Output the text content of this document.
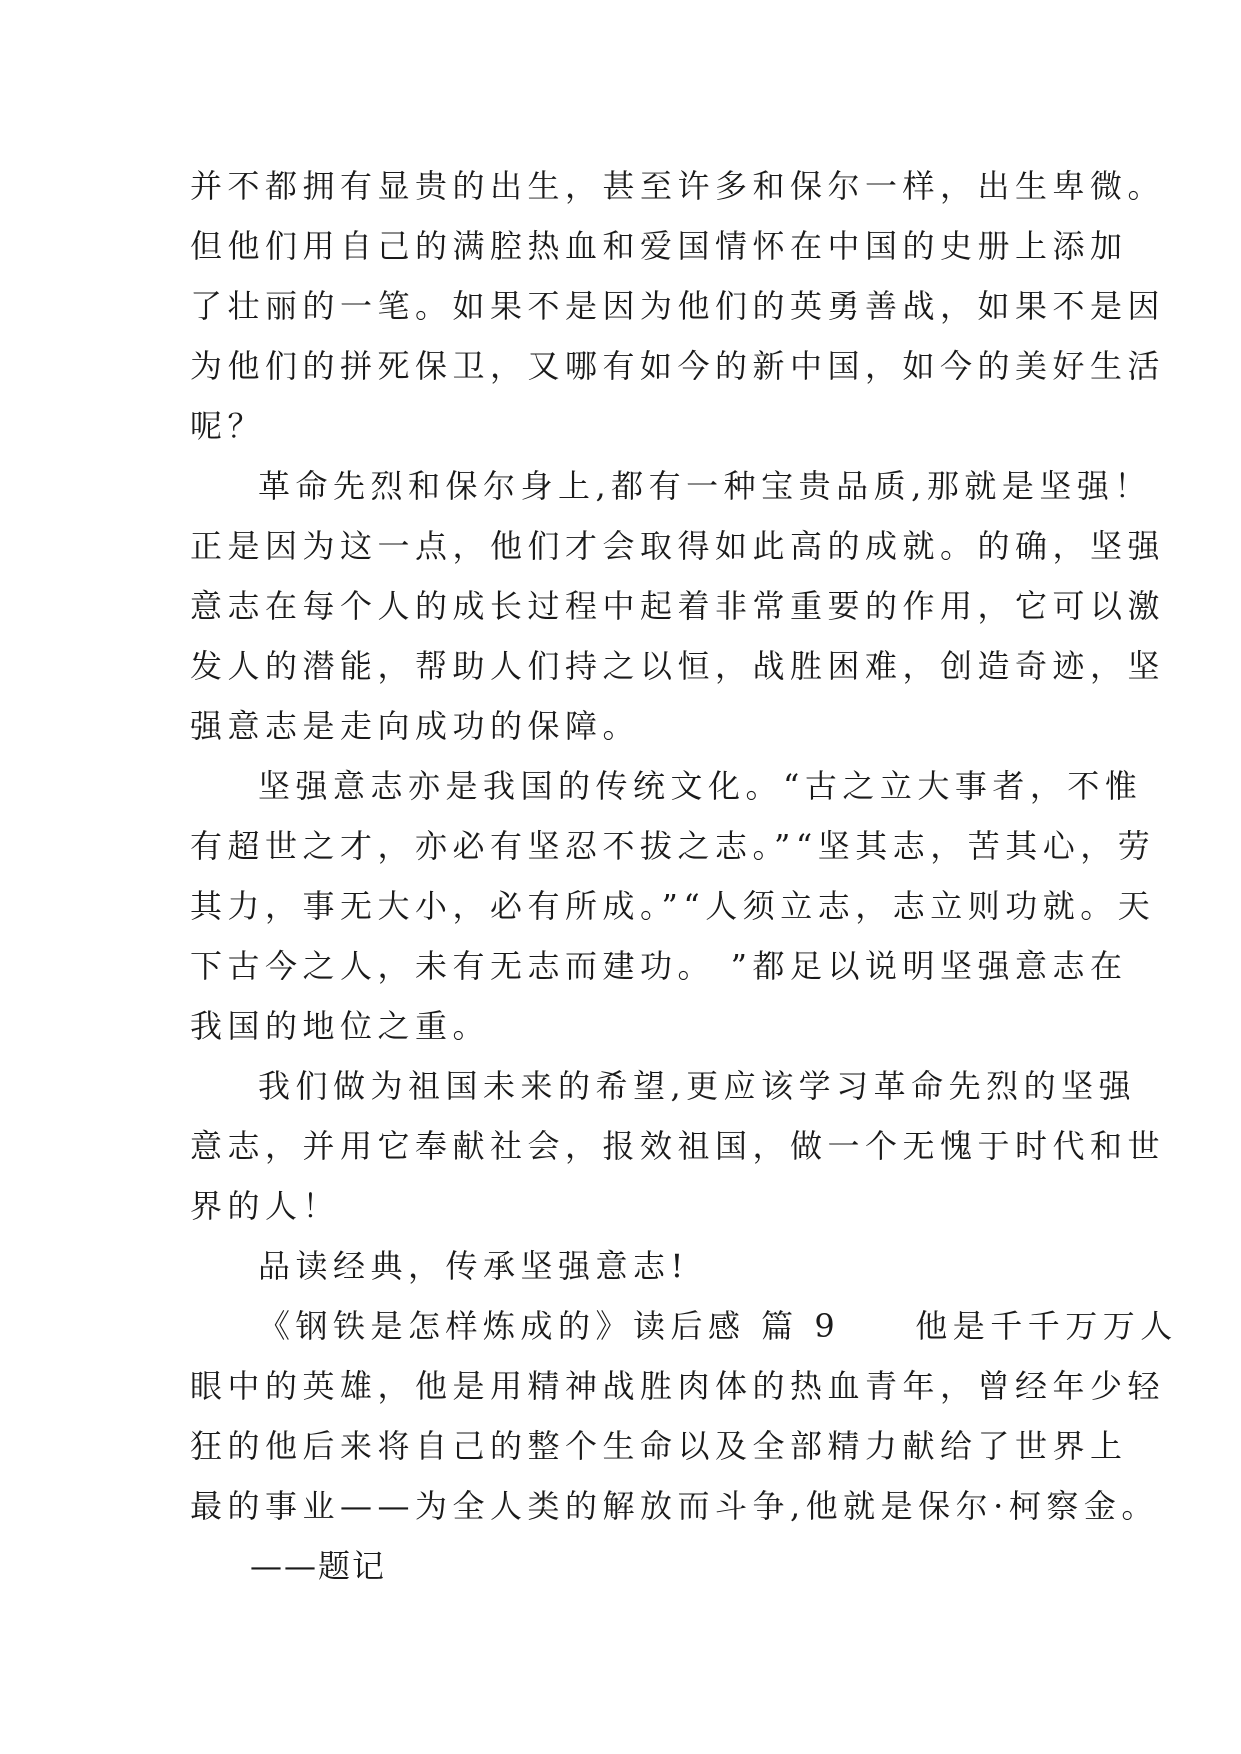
并不都拥有显贵的出生，甚至许多和保尔一样，出生卑微。
但他们用自己的满腔热血和爱国情怀在中国的史册上添加
了壮丽的一笔。如果不是因为他们的英勇善战，如果不是因
为他们的拼死保卫，又哪有如今的新中国，如今的美好生活
呢？
革命先烈和保尔身上,都有一种宝贵品质,那就是坚强！
正是因为这一点，他们才会取得如此高的成就。的确，坚强
意志在每个人的成长过程中起着非常重要的作用，它可以激
发人的潜能，帮助人们持之以恒，战胜困难，创造奇迹，坚
强意志是走向成功的保障。
坚强意志亦是我国的传统文化。“古之立大事者，不惟
有超世之才，亦必有坚忍不拔之志。”“坚其志，苦其心，劳
其力，事无大小，必有所成。”“人须立志，志立则功就。天
下古今之人，未有无志而建功。 ”都足以说明坚强意志在
我国的地位之重。
我们做为祖国未来的希望,更应该学习革命先烈的坚强
意志，并用它奉献社会，报效祖国，做一个无愧于时代和世
界的人！
品读经典，传承坚强意志!
《钢铁是怎样炼成的》读后感 篇 9　　他是千千万万人
眼中的英雄，他是用精神战胜肉体的热血青年，曾经年少轻
狂的他后来将自己的整个生命以及全部精力献给了世界上
最的事业——为全人类的解放而斗争,他就是保尔·柯察金。
——题记
